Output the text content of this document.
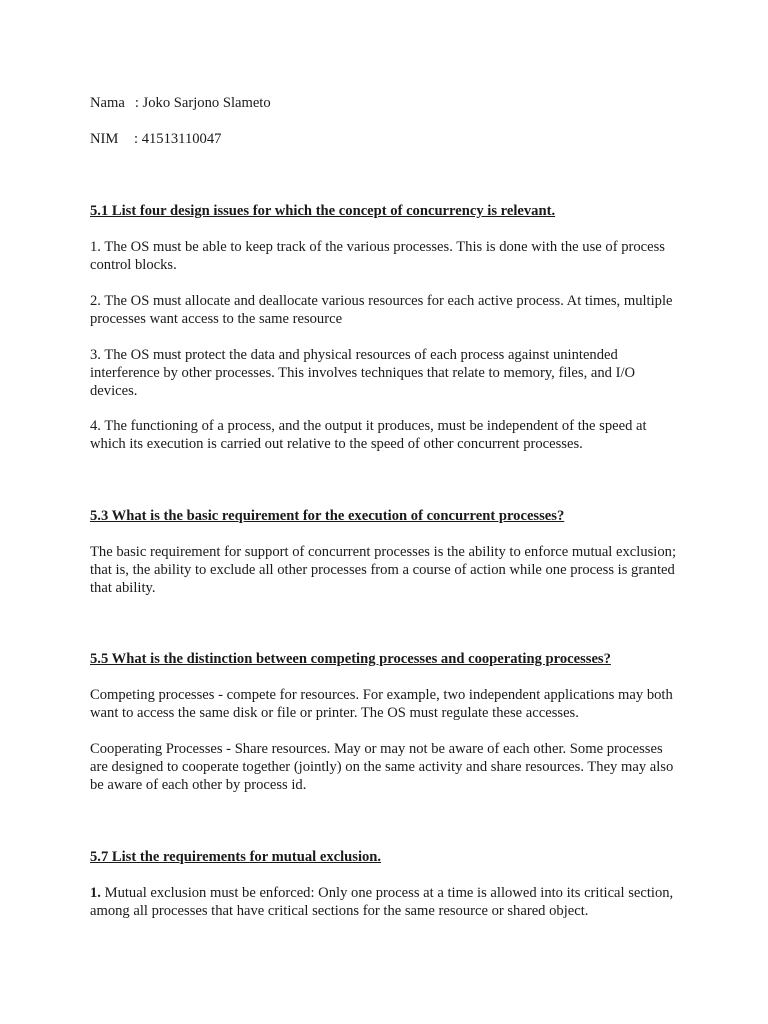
Nama : Joko Sarjono Slameto
NIM : 41513110047

5.1 List four design issues for which the concept of concurrency is relevant.

1. The OS must be able to keep track of the various processes. This is done with the use of process control blocks.

2. The OS must allocate and deallocate various resources for each active process. At times, multiple processes want access to the same resource

3. The OS must protect the data and physical resources of each process against unintended interference by other processes. This involves techniques that relate to memory, files, and I/O devices.

4. The functioning of a process, and the output it produces, must be independent of the speed at which its execution is carried out relative to the speed of other concurrent processes.

5.3 What is the basic requirement for the execution of concurrent processes?

The basic requirement for support of concurrent processes is the ability to enforce mutual exclusion; that is, the ability to exclude all other processes from a course of action while one process is granted that ability.

5.5 What is the distinction between competing processes and cooperating processes?

Competing processes - compete for resources. For example, two independent applications may both want to access the same disk or file or printer. The OS must regulate these accesses.

Cooperating Processes - Share resources. May or may not be aware of each other. Some processes are designed to cooperate together (jointly) on the same activity and share resources. They may also be aware of each other by process id.

5.7 List the requirements for mutual exclusion.

1. Mutual exclusion must be enforced: Only one process at a time is allowed into its critical section, among all processes that have critical sections for the same resource or shared object.
